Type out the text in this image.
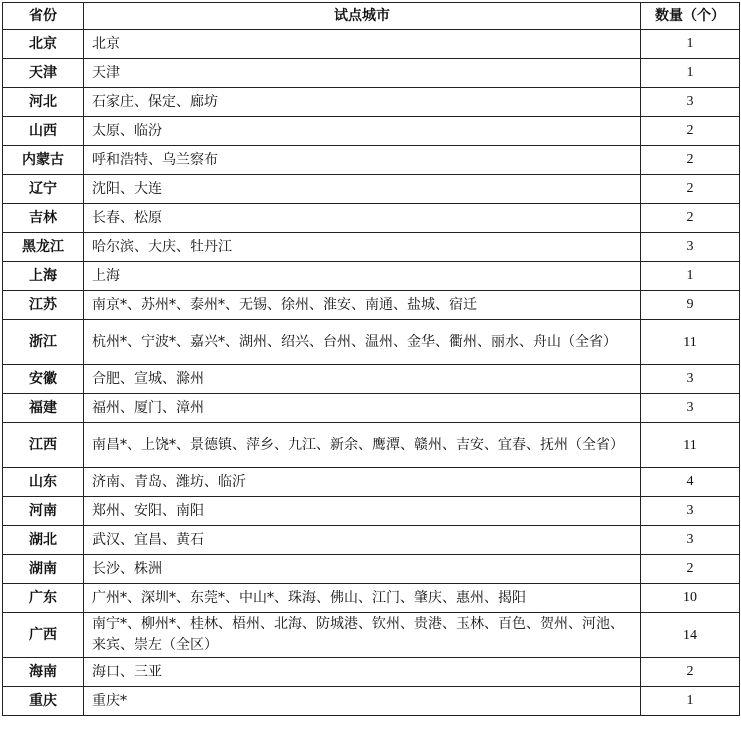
省份	试点城市	数量（个）
北京	北京	1
天津	天津	1
河北	石家庄、保定、廊坊	3
山西	太原、临汾	2
内蒙古	呼和浩特、乌兰察布	2
辽宁	沈阳、大连	2
吉林	长春、松原	2
黑龙江	哈尔滨、大庆、牡丹江	3
上海	上海	1
江苏	南京*、苏州*、泰州*、无锡、徐州、淮安、南通、盐城、宿迁	9
浙江	杭州*、宁波*、嘉兴*、湖州、绍兴、台州、温州、金华、衢州、丽水、舟山（全省）	11
安徽	合肥、宣城、滁州	3
福建	福州、厦门、漳州	3
江西	南昌*、上饶*、景德镇、萍乡、九江、新余、鹰潭、赣州、吉安、宜春、抚州（全省）	11
山东	济南、青岛、潍坊、临沂	4
河南	郑州、安阳、南阳	3
湖北	武汉、宜昌、黄石	3
湖南	长沙、株洲	2
广东	广州*、深圳*、东莞*、中山*、珠海、佛山、江门、肇庆、惠州、揭阳	10
广西	南宁*、柳州*、桂林、梧州、北海、防城港、钦州、贵港、玉林、百色、贺州、河池、来宾、崇左（全区）	14
海南	海口、三亚	2
重庆	重庆*	1
